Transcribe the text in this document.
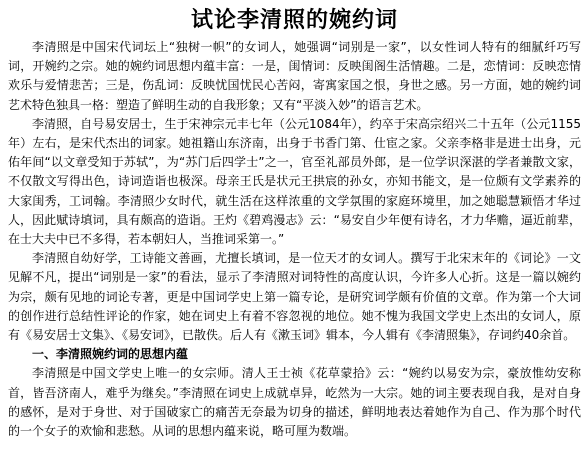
试论李清照的婉约词

李清照是中国宋代词坛上“独树一帜”的女词人，她强调“词别是一家”，以女性词人特有的细腻纤巧写词，开婉约之宗。她的婉约词思想内蕴丰富：一是，闺情词：反映闺阁生活情趣。二是，恋情词：反映恋情欢乐与爱情悲苦；三是，伤乱词：反映忧国忧民心苦闷，寄寓家国之恨，身世之感。另一方面，她的婉约词艺术特色独具一格：塑造了鲜明生动的自我形象；又有“平淡入妙”的语言艺术。

李清照，自号易安居士，生于宋神宗元丰七年（公元1084年），约卒于宋高宗绍兴二十五年（公元1155年）左右，是宋代杰出的词家。她祖籍山东济南，出身于书香门第、仕宦之家。父亲李格非是进士出身，元佑年间“以文章受知于苏轼”，为“苏门后四学士”之一，官至礼部员外郎，是一位学识深湛的学者兼散文家，不仅散文写得出色，诗词造诣也极深。母亲王氏是状元王拱宸的孙女，亦知书能文，是一位颇有文学素养的大家闺秀，工词翰。李清照少女时代，就生活在这样浓重的文学氛围的家庭环境里，加之她聪慧颖悟才华过人，因此赋诗填词，具有颇高的造诣。王灼《碧鸡漫志》云：“易安自少年便有诗名，才力华赡，逼近前辈，在士大夫中已不多得，若本朝妇人，当推词采第一。”

李清照自幼好学，工诗能文善画，尤擅长填词，是一位天才的女词人。撰写于北宋末年的《词论》一文见解不凡，提出“词别是一家”的看法，显示了李清照对词特性的高度认识，今许多人心折。这是一篇以婉约为宗，颇有见地的词论专著，更是中国词学史上第一篇专论，是研究词学颇有价值的文章。作为第一个大词的创作进行总结性评论的作家，她在词史上有着不容忽视的地位。她不愧为我国文学史上杰出的女词人，原有《易安居士文集》、《易安词》，已散佚。后人有《漱玉词》辑本，今人辑有《李清照集》，存词约40余首。

一、李清照婉约词的思想内蕴

李清照是中国文学史上唯一的女宗师。清人王士祯《花草蒙拾》云：“婉约以易安为宗，豪放惟幼安称首，皆吾济南人，难乎为继矣。”李清照在词史上成就卓异，屹然为一大宗。她的词主要表现自我，是对自身的感怀，是对于身世、对于国破家亡的痛苦无奈最为切身的描述，鲜明地表达着她作为自己、作为那个时代的一个女子的欢愉和悲愁。从词的思想内蕴来说，略可厘为数端。
